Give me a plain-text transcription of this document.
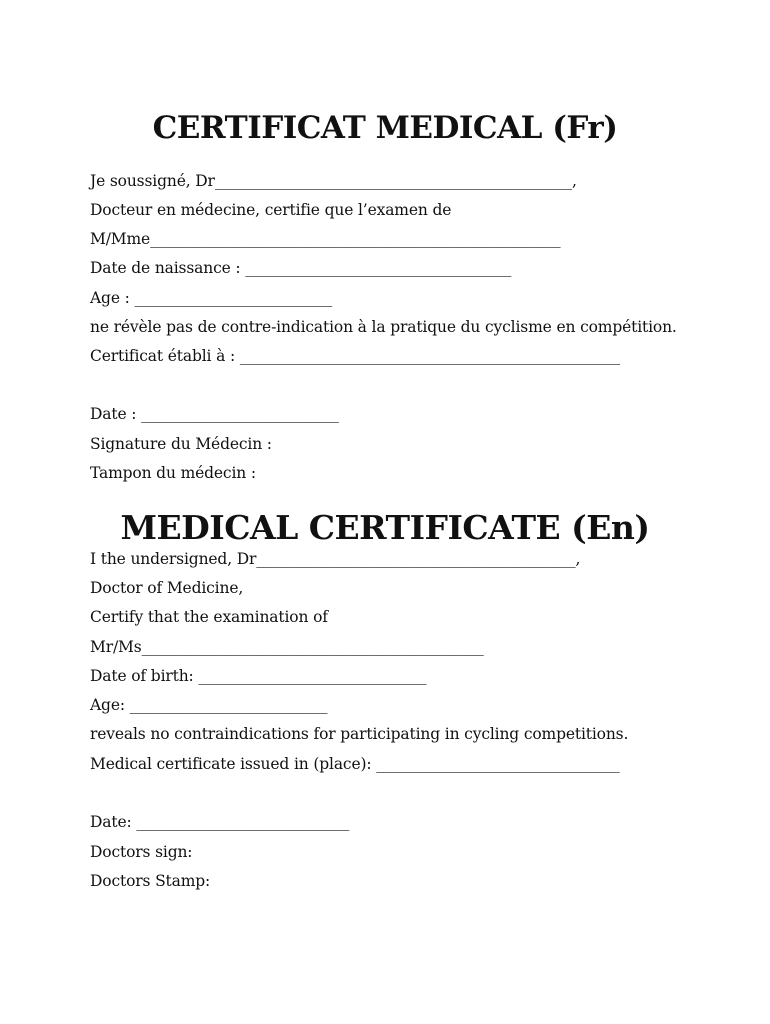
CERTIFICAT MEDICAL (Fr)
Je soussigné, Dr_______________________________________________,
Docteur en médecine, certifie que l’examen de
M/Mme______________________________________________________
Date de naissance : ___________________________________
Age : __________________________
ne révèle pas de contre-indication à la pratique du cyclisme en compétition.
Certificat établi à : __________________________________________________
Date : __________________________
Signature du Médecin :
Tampon du médecin :
MEDICAL CERTIFICATE (En)
I the undersigned, Dr__________________________________________,
Doctor of Medicine,
Certify that the examination of
Mr/Ms_____________________________________________
Date of birth: ______________________________
Age: __________________________
reveals no contraindications for participating in cycling competitions.
Medical certificate issued in (place): ________________________________
Date: ____________________________
Doctors sign:
Doctors Stamp:
